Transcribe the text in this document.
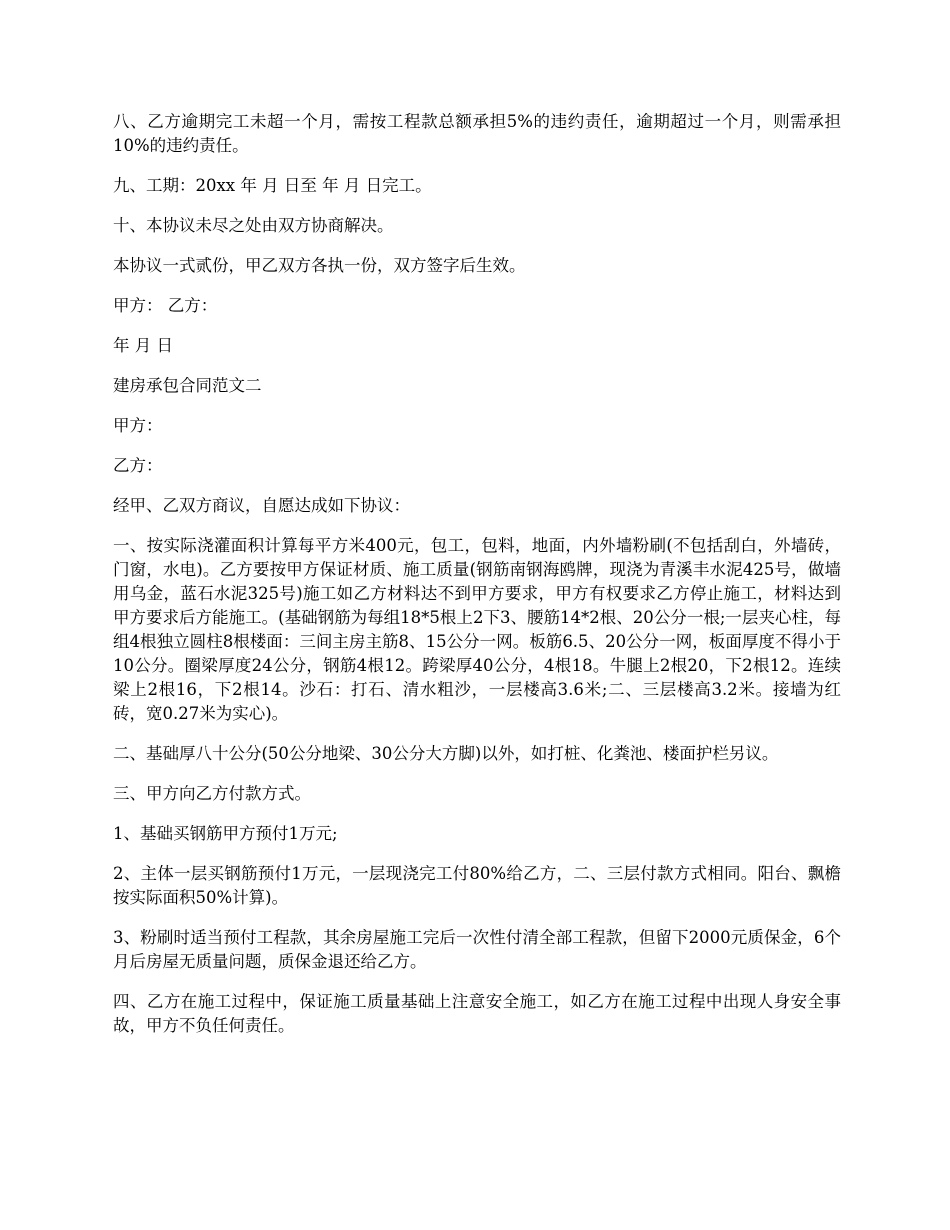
八、乙方逾期完工未超一个月，需按工程款总额承担5%的违约责任，逾期超过一个月，则需承担10%的违约责任。

九、工期：20xx 年 月 日至 年 月 日完工。

十、本协议未尽之处由双方协商解决。

本协议一式贰份，甲乙双方各执一份，双方签字后生效。

甲方： 乙方：

年 月 日

建房承包合同范文二

甲方：

乙方：

经甲、乙双方商议，自愿达成如下协议：

一、按实际浇灌面积计算每平方米400元，包工，包料，地面，内外墙粉刷(不包括刮白，外墙砖，门窗，水电)。乙方要按甲方保证材质、施工质量(钢筋南钢海鸥牌，现浇为青溪丰水泥425号，做墙用乌金，蓝石水泥325号)施工如乙方材料达不到甲方要求，甲方有权要求乙方停止施工，材料达到甲方要求后方能施工。(基础钢筋为每组18*5根上2下3、腰筋14*2根、20公分一根;一层夹心柱，每组4根独立圆柱8根楼面：三间主房主筋8、15公分一网。板筋6.5、20公分一网，板面厚度不得小于10公分。圈梁厚度24公分，钢筋4根12。跨梁厚40公分，4根18。牛腿上2根20，下2根12。连续梁上2根16，下2根14。沙石：打石、清水粗沙，一层楼高3.6米;二、三层楼高3.2米。接墙为红砖，宽0.27米为实心)。

二、基础厚八十公分(50公分地梁、30公分大方脚)以外，如打桩、化粪池、楼面护栏另议。

三、甲方向乙方付款方式。

1、基础买钢筋甲方预付1万元;

2、主体一层买钢筋预付1万元，一层现浇完工付80%给乙方，二、三层付款方式相同。阳台、飘檐按实际面积50%计算)。

3、粉刷时适当预付工程款，其余房屋施工完后一次性付清全部工程款，但留下2000元质保金，6个月后房屋无质量问题，质保金退还给乙方。

四、乙方在施工过程中，保证施工质量基础上注意安全施工，如乙方在施工过程中出现人身安全事故，甲方不负任何责任。
